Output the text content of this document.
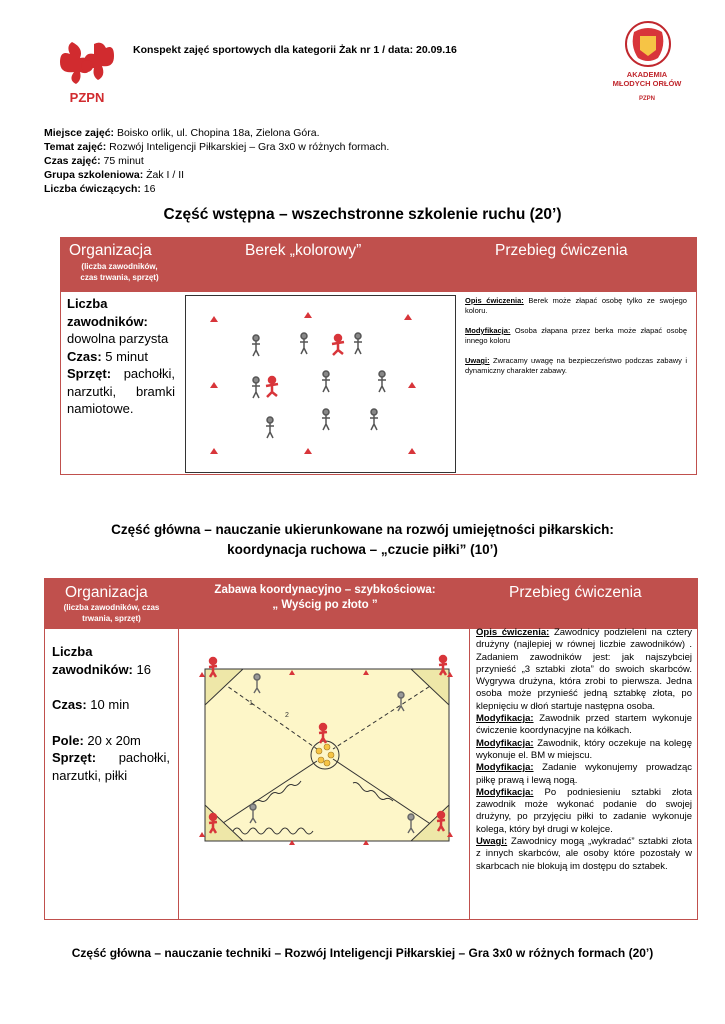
PZPN
Konspekt zajęć sportowych dla kategorii Żak nr 1 / data: 20.09.16
AKADEMIA
MŁODYCH ORŁÓW
PZPN
Miejsce zajęć: Boisko orlik, ul. Chopina 18a, Zielona Góra.
Temat zajęć: Rozwój Inteligencji Piłkarskiej – Gra 3x0 w różnych formach.
Czas zajęć: 75 minut
Grupa szkoleniowa: Żak I / II
Liczba ćwiczących: 16
Część wstępna – wszechstronne szkolenie ruchu (20’)
Organizacja
(liczba zawodników,
czas trwania, sprzęt)
Berek „kolorowy”	Przebieg ćwiczenia
Liczba zawodników:
dowolna parzysta
Czas: 5 minut
Sprzęt: pachołki, narzutki, bramki namiotowe.
Opis ćwiczenia: Berek może złapać osobę tylko ze swojego koloru.
Modyfikacja: Osoba złapana przez berka może złapać osobę innego koloru
Uwagi: Zwracamy uwagę na bezpieczeństwo podczas zabawy i dynamiczny charakter zabawy.
Część główna – nauczanie ukierunkowane na rozwój umiejętności piłkarskich:
koordynacja ruchowa – „czucie piłki” (10’)
Organizacja
(liczba zawodników, czas
trwania, sprzęt)
Zabawa koordynacyjno – szybkościowa:
„ Wyścig po złoto ”
Przebieg ćwiczenia
Liczba zawodników: 16
Czas: 10 min
Pole: 20 x 20m
Sprzęt: pachołki, narzutki, piłki
1
2
Opis ćwiczenia: Zawodnicy podzieleni na cztery drużyny (najlepiej w równej liczbie zawodników) . Zadaniem zawodników jest: jak najszybciej przynieść „3 sztabki złota” do swoich skarbców. Wygrywa drużyna, która zrobi to pierwsza. Jedna osoba może przynieść jedną sztabkę złota, po klepnięciu w dłoń startuje następna osoba.
Modyfikacja: Zawodnik przed startem wykonuje ćwiczenie koordynacyjne na kółkach.
Modyfikacja: Zawodnik, który oczekuje na kolegę wykonuje el. BM w miejscu.
Modyfikacja: Zadanie wykonujemy prowadząc piłkę prawą i lewą nogą.
Modyfikacja: Po podniesieniu sztabki złota zawodnik może wykonać podanie do swojej drużyny, po przyjęciu piłki to zadanie wykonuje kolega, który był drugi w kolejce.
Uwagi: Zawodnicy mogą „wykradać” sztabki złota z innych skarbców, ale osoby które pozostały w skarbcach nie blokują im dostępu do sztabek.
Część główna – nauczanie techniki – Rozwój Inteligencji Piłkarskiej – Gra 3x0 w różnych formach (20’)
